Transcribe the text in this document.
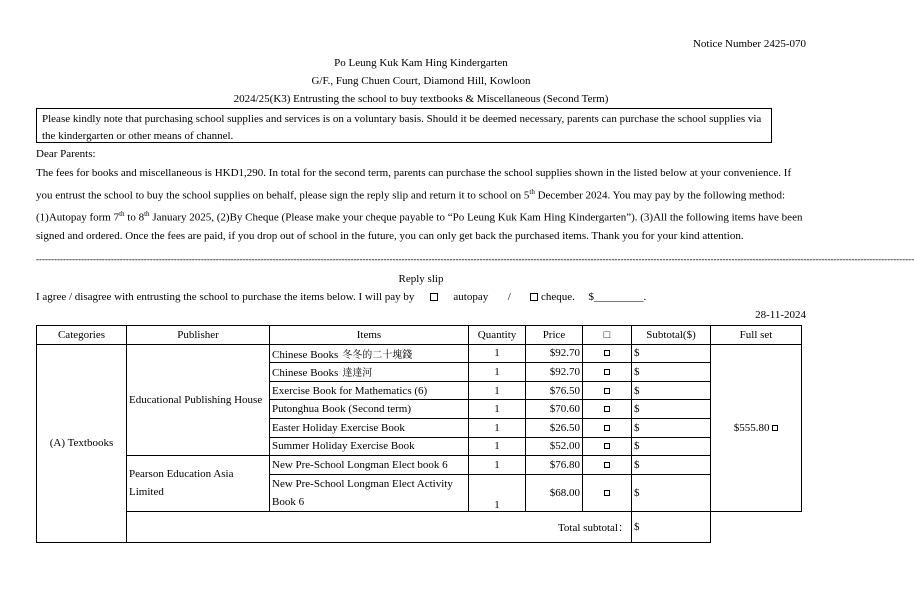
Notice Number 2425-070
Po Leung Kuk Kam Hing Kindergarten
G/F., Fung Chuen Court, Diamond Hill, Kowloon
2024/25(K3) Entrusting the school to buy textbooks & Miscellaneous (Second Term)
Please kindly note that purchasing school supplies and services is on a voluntary basis. Should it be deemed necessary, parents can purchase the school supplies via the kindergarten or other means of channel.
Dear Parents:
The fees for books and miscellaneous is HKD1,290. In total for the second term, parents can purchase the school supplies shown in the listed below at your convenience. If you entrust the school to buy the school supplies on behalf, please sign the reply slip and return it to school on 5th December 2024. You may pay by the following method: (1)Autopay form 7th to 8th January 2025, (2)By Cheque (Please make your cheque payable to “Po Leung Kuk Kam Hing Kindergarten”). (3)All the following items have been signed and ordered. Once the fees are paid, if you drop out of school in the future, you can only get back the purchased items. Thank you for your kind attention.
-----------------------------------------------------------------------------------------------------------------------------------------------------------------------------------------------------------------------------------------------------------------------------------------------------
Reply slip
I agree / disagree with entrusting the school to purchase the items below. I will pay by	autopay /	cheque. $_________.
28-11-2024
Categories	Publisher	Items	Quantity	Price	□	Subtotal($)	Full set
(A) Textbooks	Educational Publishing House	Chinese Books 冬冬的二十塊錢	1	$92.70		$	$555.80
		Chinese Books 達達河	1	$92.70		$	
		Exercise Book for Mathematics (6)	1	$76.50		$	
		Putonghua Book (Second term)	1	$70.60		$	
		Easter Holiday Exercise Book	1	$26.50		$	
		Summer Holiday Exercise Book	1	$52.00		$	
	Pearson Education Asia Limited	New Pre-School Longman Elect book 6	1	$76.80		$	
		New Pre-School Longman Elect Activity Book 6	1	$68.00		$	
	Total subtotal：					$	
